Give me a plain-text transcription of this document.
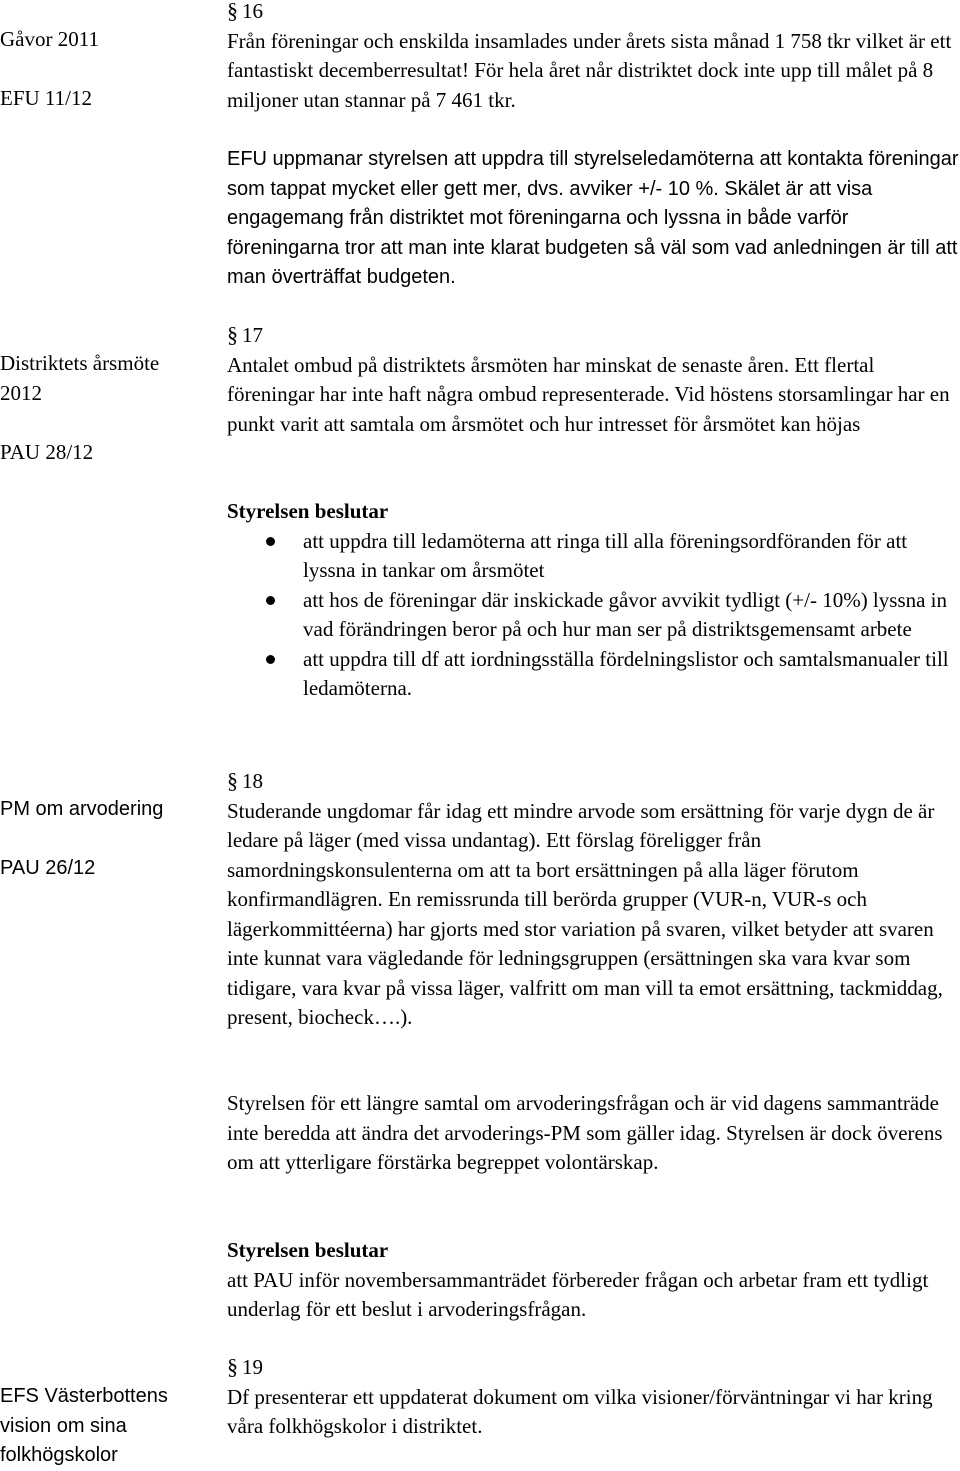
Gåvor 2011
EFU 11/12
Distriktets årsmöte
2012
PAU 28/12
PM om arvodering
PAU 26/12
EFS Västerbottens
vision om sina
folkhögskolor
§ 16

Från föreningar och enskilda insamlades under årets sista månad 1 758 tkr vilket är ett fantastiskt decemberresultat! För hela året når distriktet dock inte upp till målet på 8 miljoner utan stannar på 7 461 tkr.

EFU uppmanar styrelsen att uppdra till styrelseledamöterna att kontakta föreningar som tappat mycket eller gett mer, dvs. avviker +/- 10 %. Skälet är att visa engagemang från distriktet mot föreningarna och lyssna in både varför föreningarna tror att man inte klarat budgeten så väl som vad anledningen är till att man överträffat budgeten.

§ 17

Antalet ombud på distriktets årsmöten har minskat de senaste åren. Ett flertal föreningar har inte haft några ombud representerade. Vid höstens storsamlingar har en punkt varit att samtala om årsmötet och hur intresset för årsmötet kan höjas

Styrelsen beslutar
att uppdra till ledamöterna att ringa till alla föreningsordföranden för att lyssna in tankar om årsmötet
att hos de föreningar där inskickade gåvor avvikit tydligt (+/- 10%) lyssna in vad förändringen beror på och hur man ser på distriktsgemensamt arbete
att uppdra till df att iordningsställa fördelningslistor och samtalsmanualer till ledamöterna.
§ 18

Studerande ungdomar får idag ett mindre arvode som ersättning för varje dygn de är ledare på läger (med vissa undantag). Ett förslag föreligger från samordningskonsulenterna om att ta bort ersättningen på alla läger förutom konfirmandlägren. En remissrunda till berörda grupper (VUR-n, VUR-s och lägerkommittéerna) har gjorts med stor variation på svaren, vilket betyder att svaren inte kunnat vara vägledande för ledningsgruppen (ersättningen ska vara kvar som tidigare, vara kvar på vissa läger, valfritt om man vill ta emot ersättning, tackmiddag, present, biocheck….).

Styrelsen för ett längre samtal om arvoderingsfrågan och är vid dagens sammanträde inte beredda att ändra det arvoderings-PM som gäller idag. Styrelsen är dock överens om att ytterligare förstärka begreppet volontärskap.

Styrelsen beslutar

att PAU inför novembersammanträdet förbereder frågan och arbetar fram ett tydligt underlag för ett beslut i arvoderingsfrågan.

§ 19

Df presenterar ett uppdaterat dokument om vilka visioner/förväntningar vi har kring våra folkhögskolor i distriktet.
